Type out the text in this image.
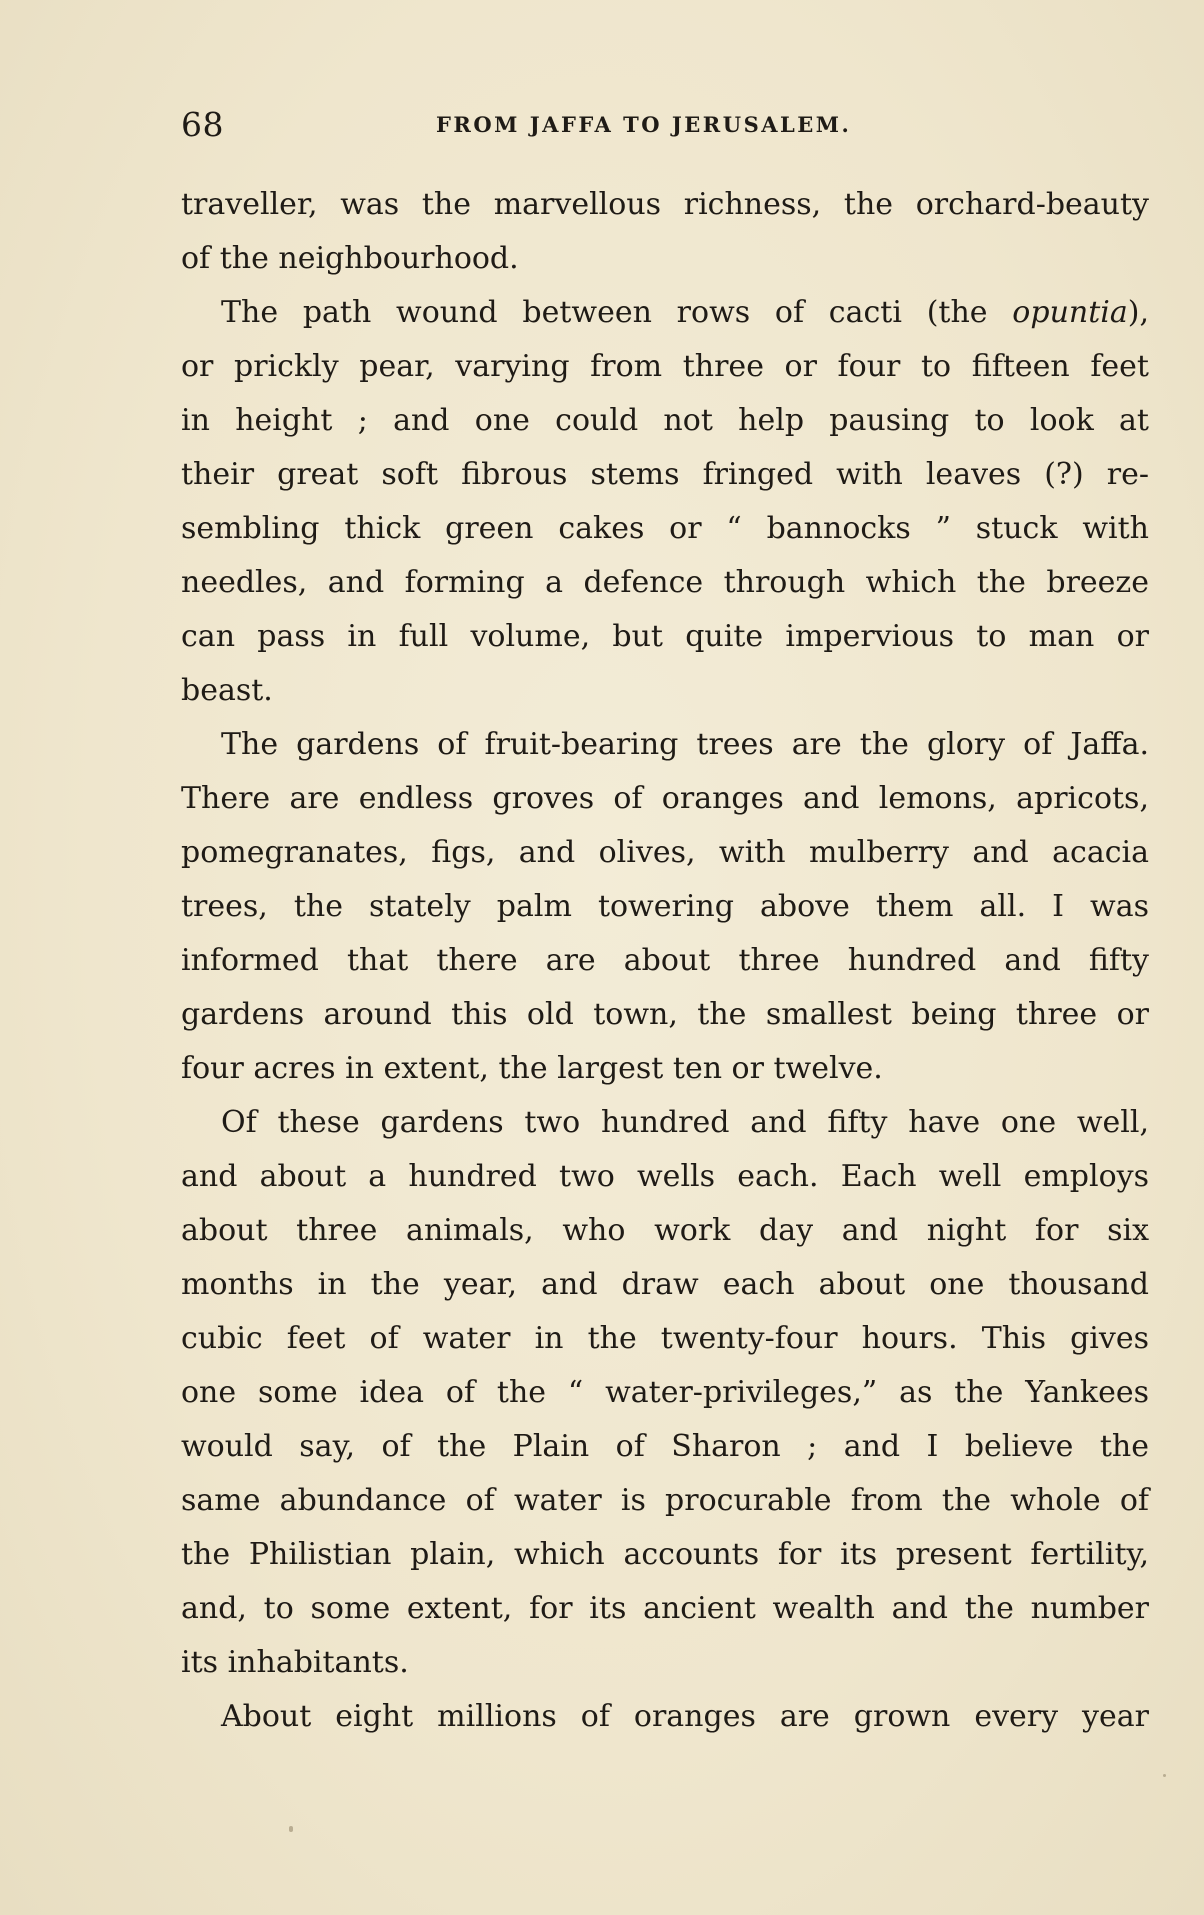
68	FROM JAFFA TO JERUSALEM.
traveller, was the marvellous richness, the orchard-beauty
of the neighbourhood.
The path wound between rows of cacti (the opuntia),
or prickly pear, varying from three or four to fifteen feet
in height ; and one could not help pausing to look at
their great soft fibrous stems fringed with leaves (?) re-
sembling thick green cakes or “ bannocks ” stuck with
needles, and forming a defence through which the breeze
can pass in full volume, but quite impervious to man or
beast.
The gardens of fruit-bearing trees are the glory of Jaffa.
There are endless groves of oranges and lemons, apricots,
pomegranates, figs, and olives, with mulberry and acacia
trees, the stately palm towering above them all. I was
informed that there are about three hundred and fifty
gardens around this old town, the smallest being three or
four acres in extent, the largest ten or twelve.
Of these gardens two hundred and fifty have one well,
and about a hundred two wells each. Each well employs
about three animals, who work day and night for six
months in the year, and draw each about one thousand
cubic feet of water in the twenty-four hours. This gives
one some idea of the “ water-privileges,” as the Yankees
would say, of the Plain of Sharon ; and I believe the
same abundance of water is procurable from the whole of
the Philistian plain, which accounts for its present fertility,
and, to some extent, for its ancient wealth and the number
its inhabitants.
About eight millions of oranges are grown every year
